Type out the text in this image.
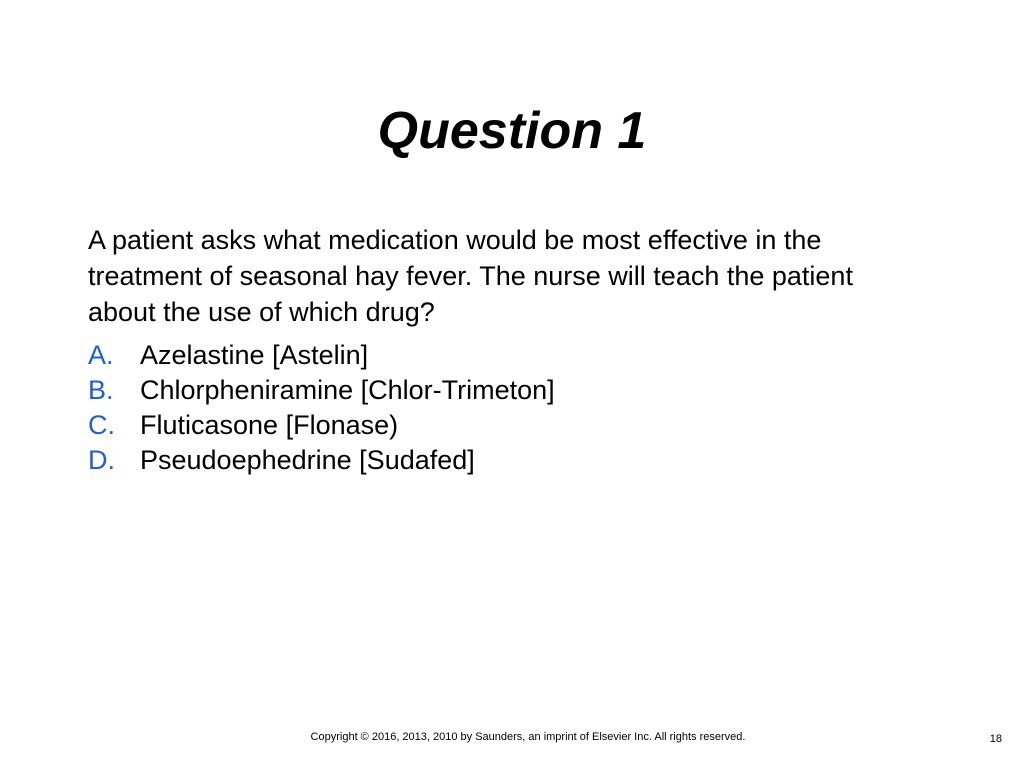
Question 1

A patient asks what medication would be most effective in the treatment of seasonal hay fever. The nurse will teach the patient about the use of which drug?

A. Azelastine [Astelin]
B. Chlorpheniramine [Chlor-Trimeton]
C. Fluticasone [Flonase)
D. Pseudoephedrine [Sudafed]
Copyright © 2016, 2013, 2010 by Saunders, an imprint of Elsevier Inc. All rights reserved.	18
